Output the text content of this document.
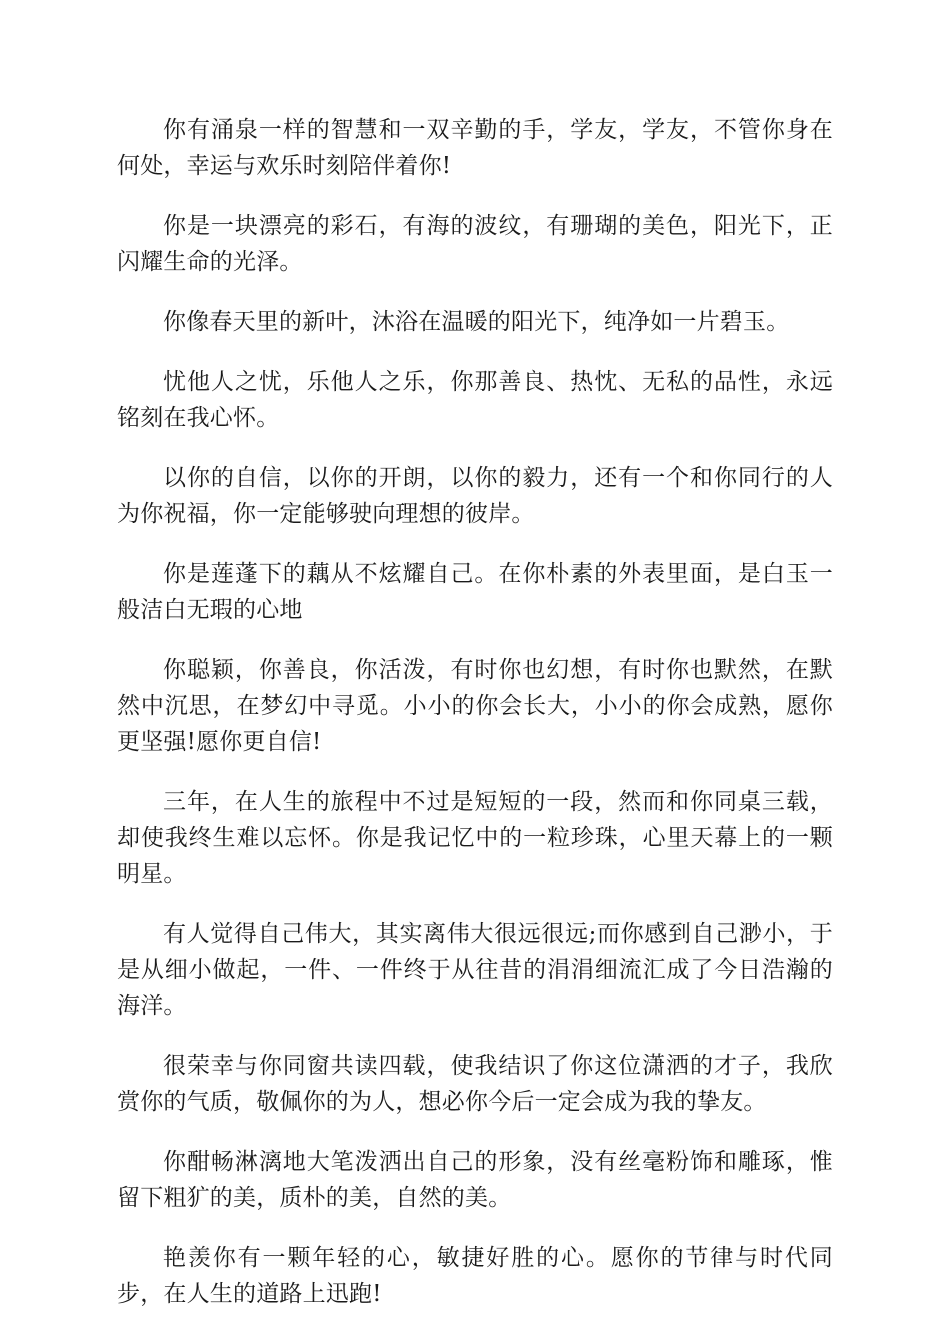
你有涌泉一样的智慧和一双辛勤的手，学友，学友，不管你身在何处，幸运与欢乐时刻陪伴着你!

你是一块漂亮的彩石，有海的波纹，有珊瑚的美色，阳光下，正闪耀生命的光泽。

你像春天里的新叶，沐浴在温暖的阳光下，纯净如一片碧玉。

忧他人之忧，乐他人之乐，你那善良、热忱、无私的品性，永远铭刻在我心怀。

以你的自信，以你的开朗，以你的毅力，还有一个和你同行的人为你祝福，你一定能够驶向理想的彼岸。

你是莲蓬下的藕从不炫耀自己。在你朴素的外表里面，是白玉一般洁白无瑕的心地

你聪颖，你善良，你活泼，有时你也幻想，有时你也默然，在默然中沉思，在梦幻中寻觅。小小的你会长大，小小的你会成熟，愿你更坚强!愿你更自信!

三年，在人生的旅程中不过是短短的一段，然而和你同桌三载，却使我终生难以忘怀。你是我记忆中的一粒珍珠，心里天幕上的一颗明星。

有人觉得自己伟大，其实离伟大很远很远;而你感到自己渺小，于是从细小做起，一件、一件终于从往昔的涓涓细流汇成了今日浩瀚的海洋。

很荣幸与你同窗共读四载，使我结识了你这位潇洒的才子，我欣赏你的气质，敬佩你的为人，想必你今后一定会成为我的挚友。

你酣畅淋漓地大笔泼洒出自己的形象，没有丝毫粉饰和雕琢，惟留下粗犷的美，质朴的美，自然的美。

艳羡你有一颗年轻的心，敏捷好胜的心。愿你的节律与时代同步，在人生的道路上迅跑!
